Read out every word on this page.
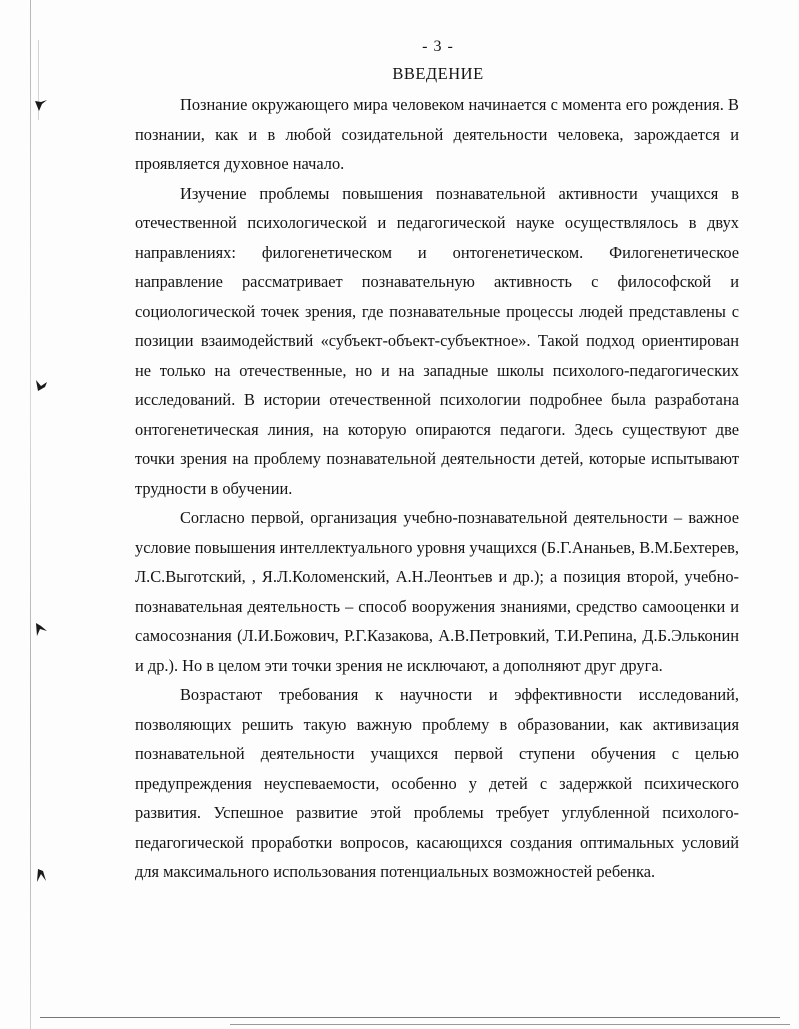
- 3 -
ВВЕДЕНИЕ

Познание окружающего мира человеком начинается с момента его рождения. В познании, как и в любой созидательной деятельности человека, зарождается и проявляется духовное начало.

Изучение проблемы повышения познавательной активности учащихся в отечественной психологической и педагогической науке осуществлялось в двух направлениях: филогенетическом и онтогенетическом. Филогенетическое направление рассматривает познавательную активность с философской и социологической точек зрения, где познавательные процессы людей представлены с позиции взаимодействий «субъект-объект-субъектное». Такой подход ориентирован не только на отечественные, но и на западные школы психолого-педагогических исследований. В истории отечественной психологии подробнее была разработана онтогенетическая линия, на которую опираются педагоги. Здесь существуют две точки зрения на проблему познавательной деятельности детей, которые испытывают трудности в обучении.

Согласно первой, организация учебно-познавательной деятельности – важное условие повышения интеллектуального уровня учащихся (Б.Г.Ананьев, В.М.Бехтерев, Л.С.Выготский, , Я.Л.Коломенский, А.Н.Леонтьев и др.); а позиция второй, учебно-познавательная деятельность – способ вооружения знаниями, средство самооценки и самосознания (Л.И.Божович, Р.Г.Казакова, А.В.Петровкий, Т.И.Репина, Д.Б.Эльконин и др.). Но в целом эти точки зрения не исключают, а дополняют друг друга.

Возрастают требования к научности и эффективности исследований, позволяющих решить такую важную проблему в образовании, как активизация познавательной деятельности учащихся первой ступени обучения с целью предупреждения неуспеваемости, особенно у детей с задержкой психического развития. Успешное развитие этой проблемы требует углубленной психолого-педагогической проработки вопросов, касающихся создания оптимальных условий для максимального использования потенциальных возможностей ребенка.
